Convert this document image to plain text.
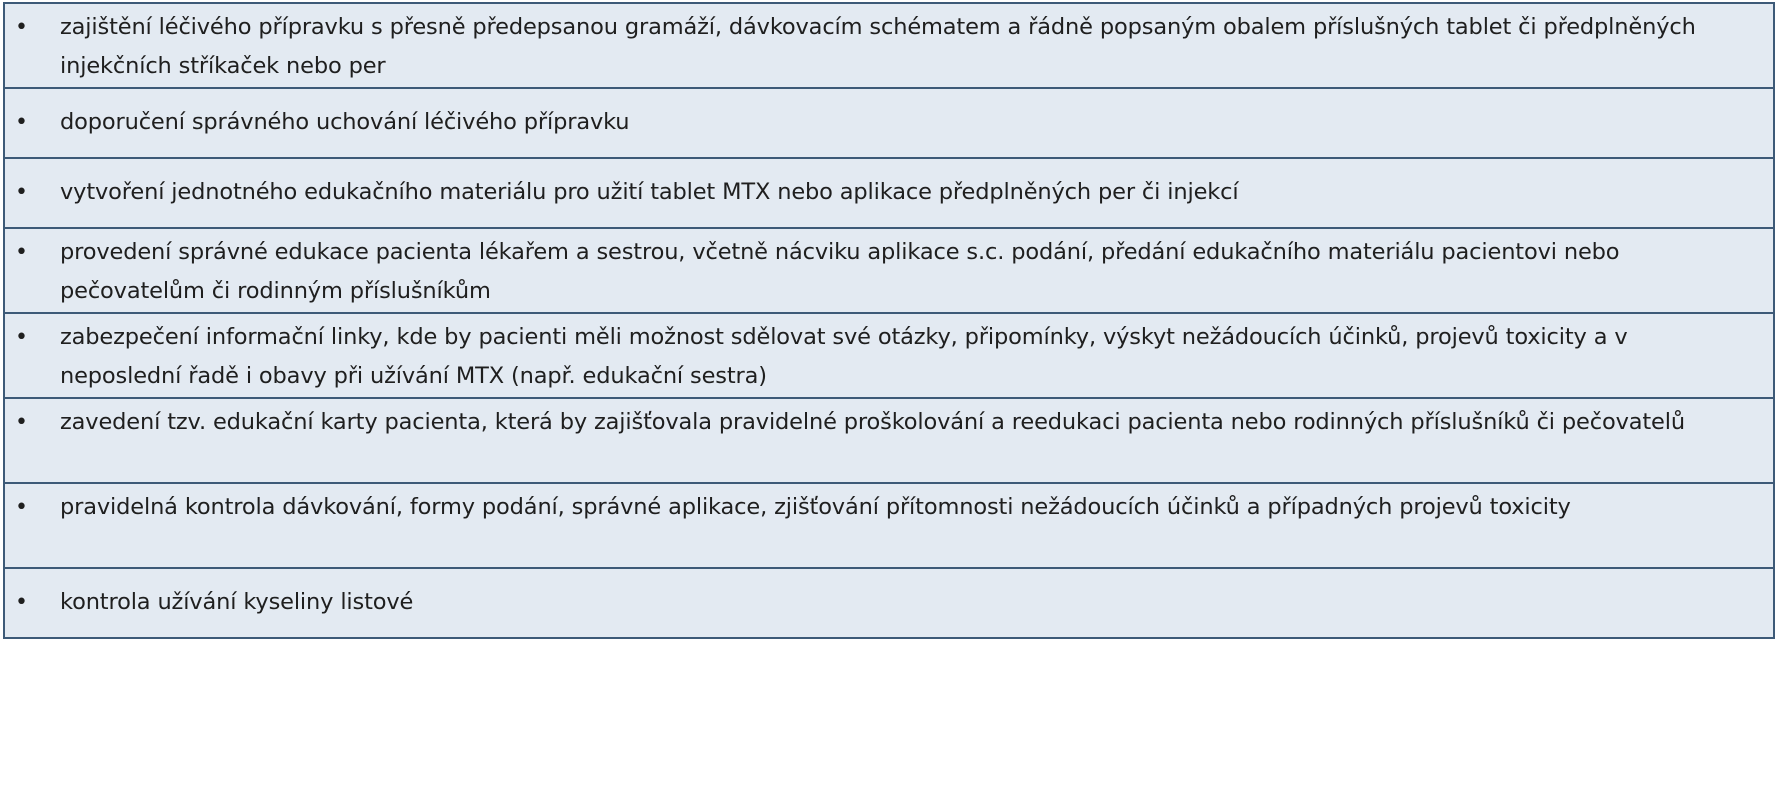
• zajištění léčivého přípravku s přesně předepsanou gramáží, dávkovacím schématem a řádně popsaným obalem příslušných tablet či předplněných injekčních stříkaček nebo per
• doporučení správného uchování léčivého přípravku
• vytvoření jednotného edukačního materiálu pro užití tablet MTX nebo aplikace předplněných per či injekcí
• provedení správné edukace pacienta lékařem a sestrou, včetně nácviku aplikace s.c. podání, předání edukačního materiálu pacientovi nebo pečovatelům či rodinným příslušníkům
• zabezpečení informační linky, kde by pacienti měli možnost sdělovat své otázky, připomínky, výskyt nežádoucích účinků, projevů toxicity a v neposlední řadě i obavy při užívání MTX (např. edukační sestra)
• zavedení tzv. edukační karty pacienta, která by zajišťovala pravidelné proškolování a reedukaci pacienta nebo rodinných příslušníků či pečovatelů
• pravidelná kontrola dávkování, formy podání, správné aplikace, zjišťování přítomnosti nežádoucích účinků a případných projevů toxicity
• kontrola užívání kyseliny listové
